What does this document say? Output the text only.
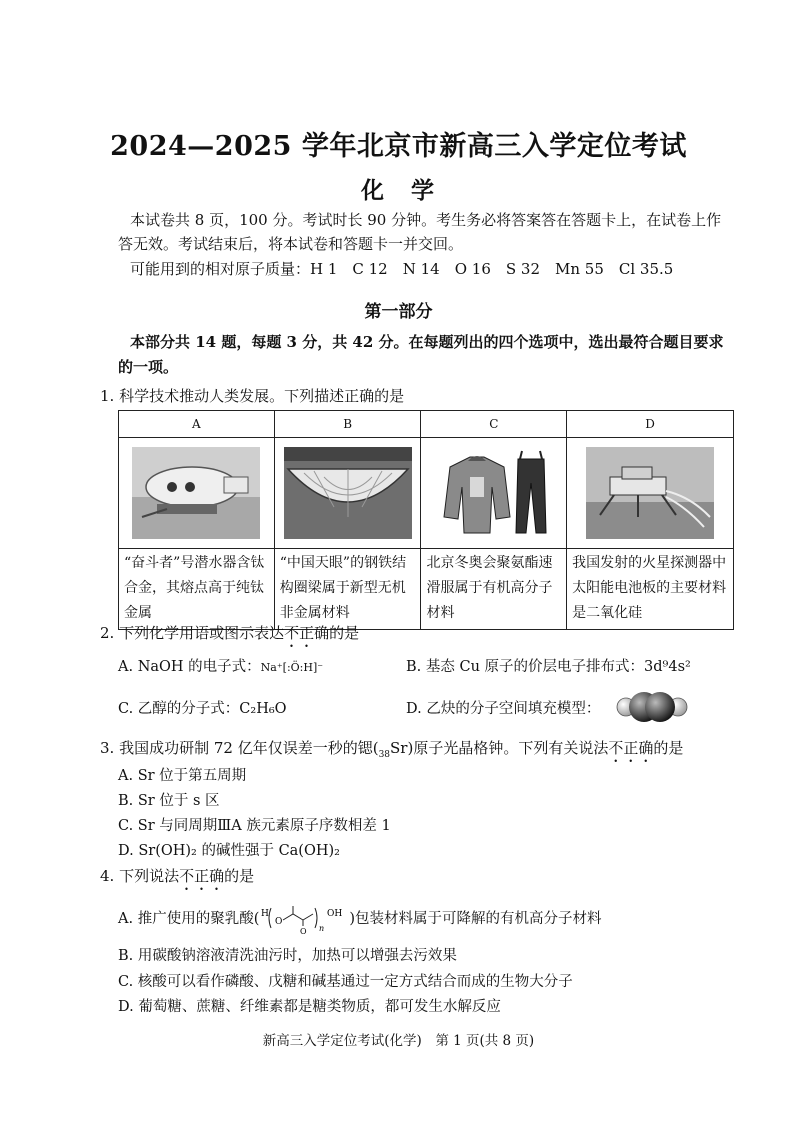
2024—2025 学年北京市新高三入学定位考试
化　学
本试卷共 8 页，100 分。考试时长 90 分钟。考生务必将答案答在答题卡上，在试卷上作
答无效。考试结束后，将本试卷和答题卡一并交回。
可能用到的相对原子质量：H 1　C 12　N 14　O 16　S 32　Mn 55　Cl 35.5
第一部分
本部分共 14 题，每题 3 分，共 42 分。在每题列出的四个选项中，选出最符合题目要求
的一项。
1. 科学技术推动人类发展。下列描述正确的是
A	B	C	D

“奋斗者”号潜水器含钛合金，其熔点高于纯钛金属	“中国天眼”的钢铁结构圈梁属于新型无机非金属材料	北京冬奥会聚氨酯速滑服属于有机高分子材料	我国发射的火星探测器中太阳能电池板的主要材料是二氧化硅
2. 下列化学用语或图示表达不正确的是
A. NaOH 的电子式：Na⁺[:Ö:H]⁻	B. 基态 Cu 原子的价层电子排布式：3d⁹4s²
C. 乙醇的分子式：C₂H₆O	D. 乙炔的分子空间填充模型：
3. 我国成功研制 72 亿年仅误差一秒的锶$(_{38}Sr)$原子光晶格钟。下列有关说法不正确的是
A. Sr 位于第五周期
B. Sr 位于 s 区
C. Sr 与同周期ⅢA 族元素原子序数相差 1
D. Sr(OH)₂ 的碱性强于 Ca(OH)₂
4. 下列说法不正确的是
A. 推广使用的聚乳酸( H
O
O n
OH )包装材料属于可降解的有机高分子材料
B. 用碳酸钠溶液清洗油污时，加热可以增强去污效果
C. 核酸可以看作磷酸、戊糖和碱基通过一定方式结合而成的生物大分子
D. 葡萄糖、蔗糖、纤维素都是糖类物质，都可发生水解反应
新高三入学定位考试(化学)　第 1 页(共 8 页)
